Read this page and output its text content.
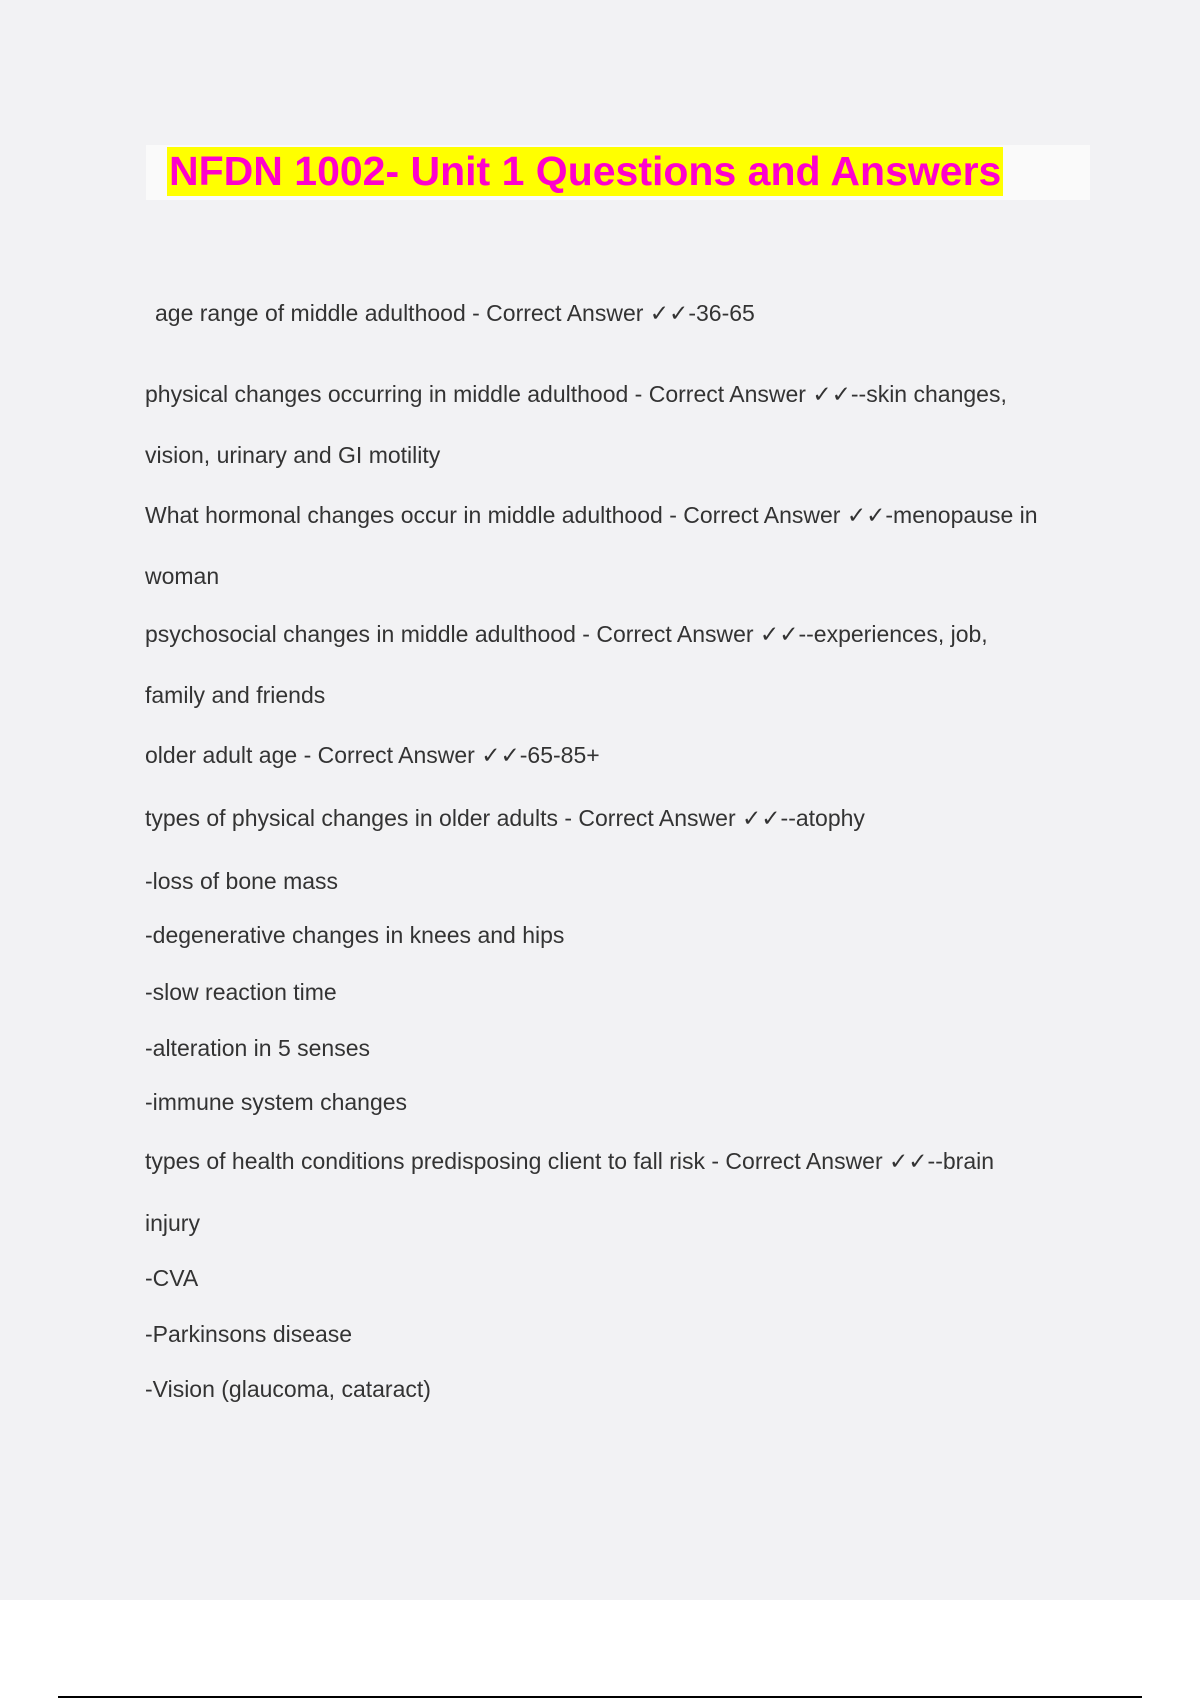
NFDN 1002- Unit 1 Questions and Answers
age range of middle adulthood - Correct Answer ✓✓-36-65
physical changes occurring in middle adulthood - Correct Answer ✓✓--skin changes,
vision, urinary and GI motility
What hormonal changes occur in middle adulthood - Correct Answer ✓✓-menopause in
woman
psychosocial changes in middle adulthood - Correct Answer ✓✓--experiences, job,
family and friends
older adult age - Correct Answer ✓✓-65-85+
types of physical changes in older adults - Correct Answer ✓✓--atophy
-loss of bone mass
-degenerative changes in knees and hips
-slow reaction time
-alteration in 5 senses
-immune system changes
types of health conditions predisposing client to fall risk - Correct Answer ✓✓--brain
injury
-CVA
-Parkinsons disease
-Vision (glaucoma, cataract)
